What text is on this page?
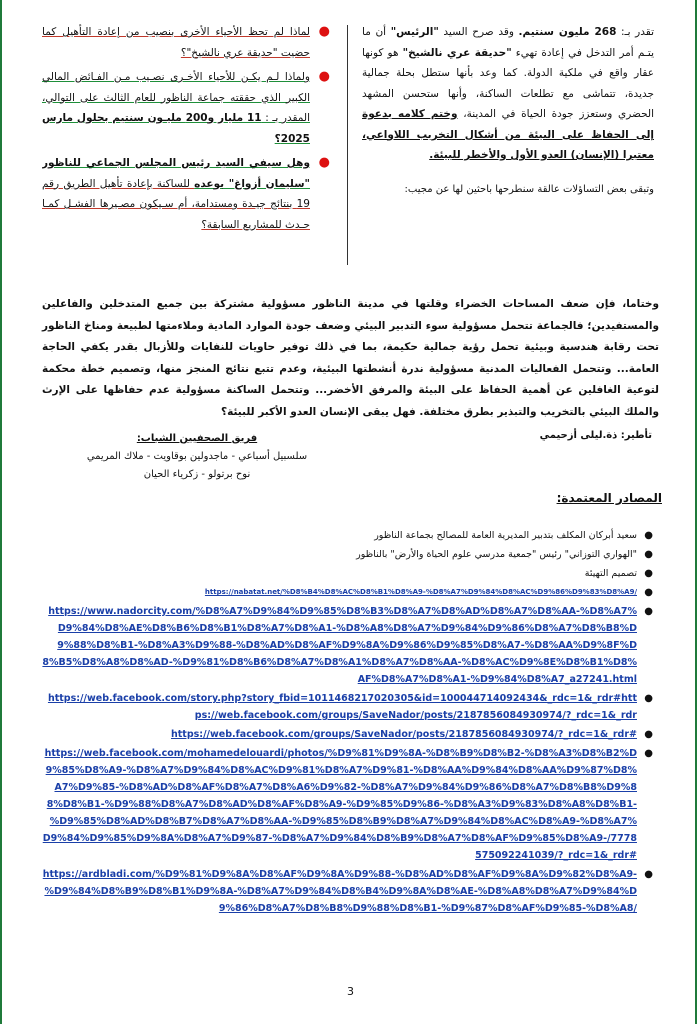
تقدر بـ: 268 مليون سنتيم. وقد صرح السيد "الرئيس" أن ما يتـم أمر التدخل في إعادة تهيء "حديقة عري نالشيخ" هو كونها عقار واقع في ملكية الدولة. كما وعد بأنها ستطل بحلة جمالية جديدة، تتماشى مع تطلعات الساكنة، وأنها ستحسن المشهد الحضري وستعزز جودة الحياة في المدينة، وختم كلامه بدعوة إلى الحفاظ على البيئة من أشكال التخريب اللاواعي، معتبرا (الإنسان) العدو الأول والأخطر للبيئة.

وتبقى بعض التساؤلات عالقة سنطرحها باحثين لها عن مجيب:

●
لماذا لم تحظ الأحياء الأخرى بنصيب من إعادة التأهيل كما حضيت "حديقة عري نالشيخ"؟
●
ولماذا لـم يكـن للأحياء الأخـرى نصـيب مـن الفـائض المالي الكبير الذي حققته جماعة الناظور للعام الثالث على التوالي، المقدر بـ : 11 مليار و200 مليـون سنتيم بحلول مارس 2025؟
●
وهل سيفي السيد رئيس المجلس الجماعي للناظور "سليمان أزواغ" بوعده للساكنة بإعادة تأهيل الطريق رقم 19 بنتائج جيـدة ومستدامة، أم سـيكون مصـيرها الفشـل كمـا حـدث للمشاريع السابقة؟

وختاما، فإن ضعف المساحات الخضراء وقلتها في مدينة الناظور مسؤولية مشتركة بين جميع المتدخلين والفاعلين والمستفيدين؛ فالجماعة تتحمل مسؤولية سوء التدبير البيئي وضعف جودة الموارد المادية وملاءمتها لطبيعة ومناخ الناظور تحت رقابة هندسية وبيئية تحمل رؤية جمالية حكيمة، بما في ذلك توفير حاويات للنفايات وللأزبال بقدر يكفي الحاجة العامة... وتتحمل الفعاليات المدنية مسؤولية ندرة أنشطتها البيئية، وعدم تتبع نتائج المنجز منها، وتصميم خطة محكمة لتوعية الغافلين عن أهمية الحفاظ على البيئة والمرفق الأخضر... وتتحمل الساكنة مسؤولية عدم حفاظها على الإرث والملك البيئي بالتخريب والتبذير بطرق مختلفة. فهل يبقى الإنسان العدو الأكبر للبيئة؟

تأطير: ذة.ليلى أزحيمي
فريق الصحفيين الشباب:
سلسبيل أسباعي - ماجدولين بوقاويت - ملاك المريمي
نوح برتولو - زكرياء الحيان
المصادر المعتمدة:
●
سعيد أبركان المكلف بتدبير المديرية العامة للمصالح بجماعة الناظور
●
"الهواري التوزاني" رئيس "جمعية مدرسي علوم الحياة والأرض" بالناظور
●
تصميم التهيئة
●
https://nabatat.net/%D8%B4%D8%AC%D8%B1%D8%A9-%D8%A7%D9%84%D8%AC%D9%86%D9%83%D8%A9/
●
https://www.nadorcity.com/%D8%A7%D9%84%D9%85%D8%B3%D8%A7%D8%AD%D8%A7%D8%AA-%D8%A7%D9%84%D8%AE%D8%B6%D8%B1%D8%A7%D8%A1-%D8%A8%D8%A7%D9%84%D9%86%D8%A7%D8%B8%D9%88%D8%B1-%D8%A3%D9%88-%D8%AD%D8%AF%D9%8A%D9%86%D9%85%D8%A7-%D8%AA%D9%8F%D8%B5%D8%A8%D8%AD-%D9%81%D8%B6%D8%A7%D8%A1%D8%A7%D8%AA-%D8%AC%D9%8E%D8%B1%D8%AF%D8%A7%D8%A1-%D9%84%D8%A7_a27241.html
●
https://web.facebook.com/story.php?story_fbid=1011468217020305&id=100044714092434&_rdc=1&_rdr#https://web.facebook.com/groups/SaveNador/posts/2187856084930974/?_rdc=1&_rdr
●
https://web.facebook.com/groups/SaveNador/posts/2187856084930974/?_rdc=1&_rdr#
●
https://web.facebook.com/mohamedelouardi/photos/%D9%81%D9%8A-%D8%B9%D8%B2-%D8%A3%D8%B2%D9%85%D8%A9-%D8%A7%D9%84%D8%AC%D9%81%D8%A7%D9%81-%D8%AA%D9%84%D8%AA%D9%87%D8%A7%D9%85-%D8%AD%D8%AF%D8%A7%D8%A6%D9%82-%D8%A7%D9%84%D9%86%D8%A7%D8%B8%D9%88%D8%B1-%D9%88%D8%A7%D8%AD%D8%AF%D8%A9-%D9%85%D9%86-%D8%A3%D9%83%D8%A8%D8%B1-%D9%85%D8%AD%D8%B7%D8%A7%D8%AA-%D9%85%D8%B9%D8%A7%D9%84%D8%AC%D8%A9-%D8%A7%D9%84%D9%85%D9%8A%D8%A7%D9%87-%D8%A7%D9%84%D8%B9%D8%A7%D8%AF%D9%85%D8%A9-/777857509224103​9/?_rdc=1&_rdr#
●
https://ardbladi.com/%D9%81%D9%8A%D8%AF%D9%8A%D9%88-%D8%AD%D8%AF%D9%8A%D9%82%D8%A9-%D9%84%D8%B9%D8%B1%D9%8A-%D8%A7%D9%84%D8%B4%D9%8A%D8%AE-%D8%A8%D8%A7%D9%84%D9%86%D8%A7%D8%B8%D9%88%D8%B1-%D9%87%D8%AF%D9%85-%D8%A8/
3
